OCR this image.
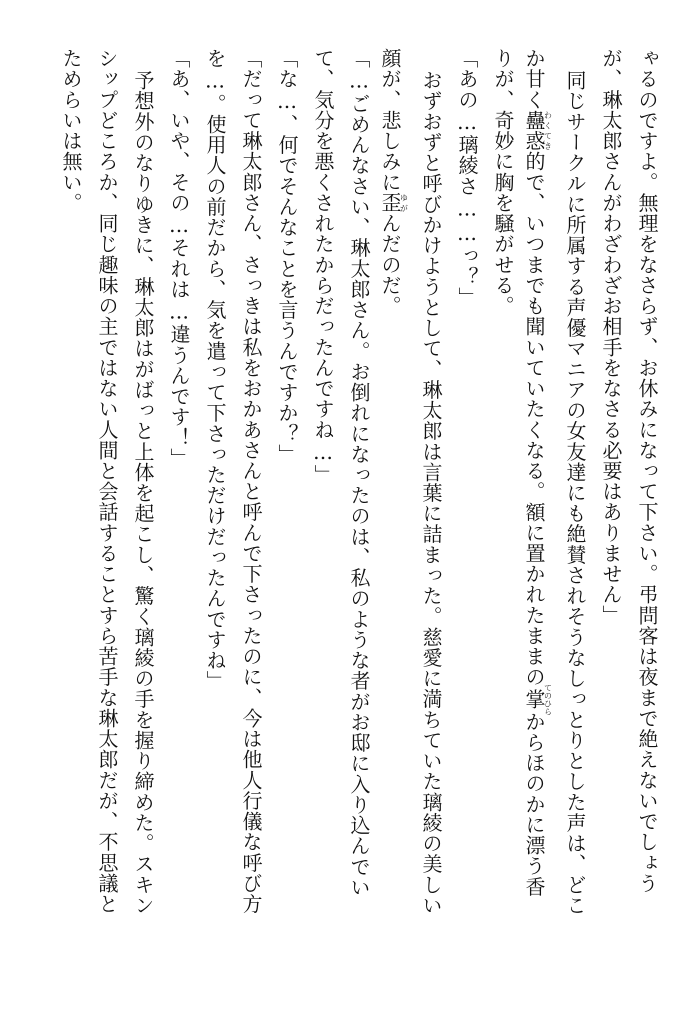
ゃるのですよ。無理をなさらず、お休みになって下さい。弔問客は夜まで絶えないでしょう
が、琳太郎さんがわざわざお相手をなさる必要はありません」
同じサークルに所属する声優マニアの女友達にも絶賛されそうなしっとりとした声は、どこ
か甘く蠱惑わくてき的で、いつまでも聞いていたくなる。額に置かれたままの掌てのひらからほのかに漂う香
りが、奇妙に胸を騒がせる。
「あの…璃綾さ……っ？」
おずおずと呼びかけようとして、琳太郎は言葉に詰まった。慈愛に満ちていた璃綾の美しい
顔が、悲しみに歪ゆがんだのだ。
「…ごめんなさい、琳太郎さん。お倒れになったのは、私のような者がお邸に入り込んでい
て、気分を悪くされたからだったんですね…」
「な…、何でそんなことを言うんですか？」
「だって琳太郎さん、さっきは私をおかあさんと呼んで下さったのに、今は他人行儀な呼び方
を…。使用人の前だから、気を遣って下さっただけだったんですね」
「あ、いや、その…それは…違うんです！」
予想外のなりゆきに、琳太郎はがばっと上体を起こし、驚く璃綾の手を握り締めた。スキン
シップどころか、同じ趣味の主ではない人間と会話することすら苦手な琳太郎だが、不思議と
ためらいは無い。
